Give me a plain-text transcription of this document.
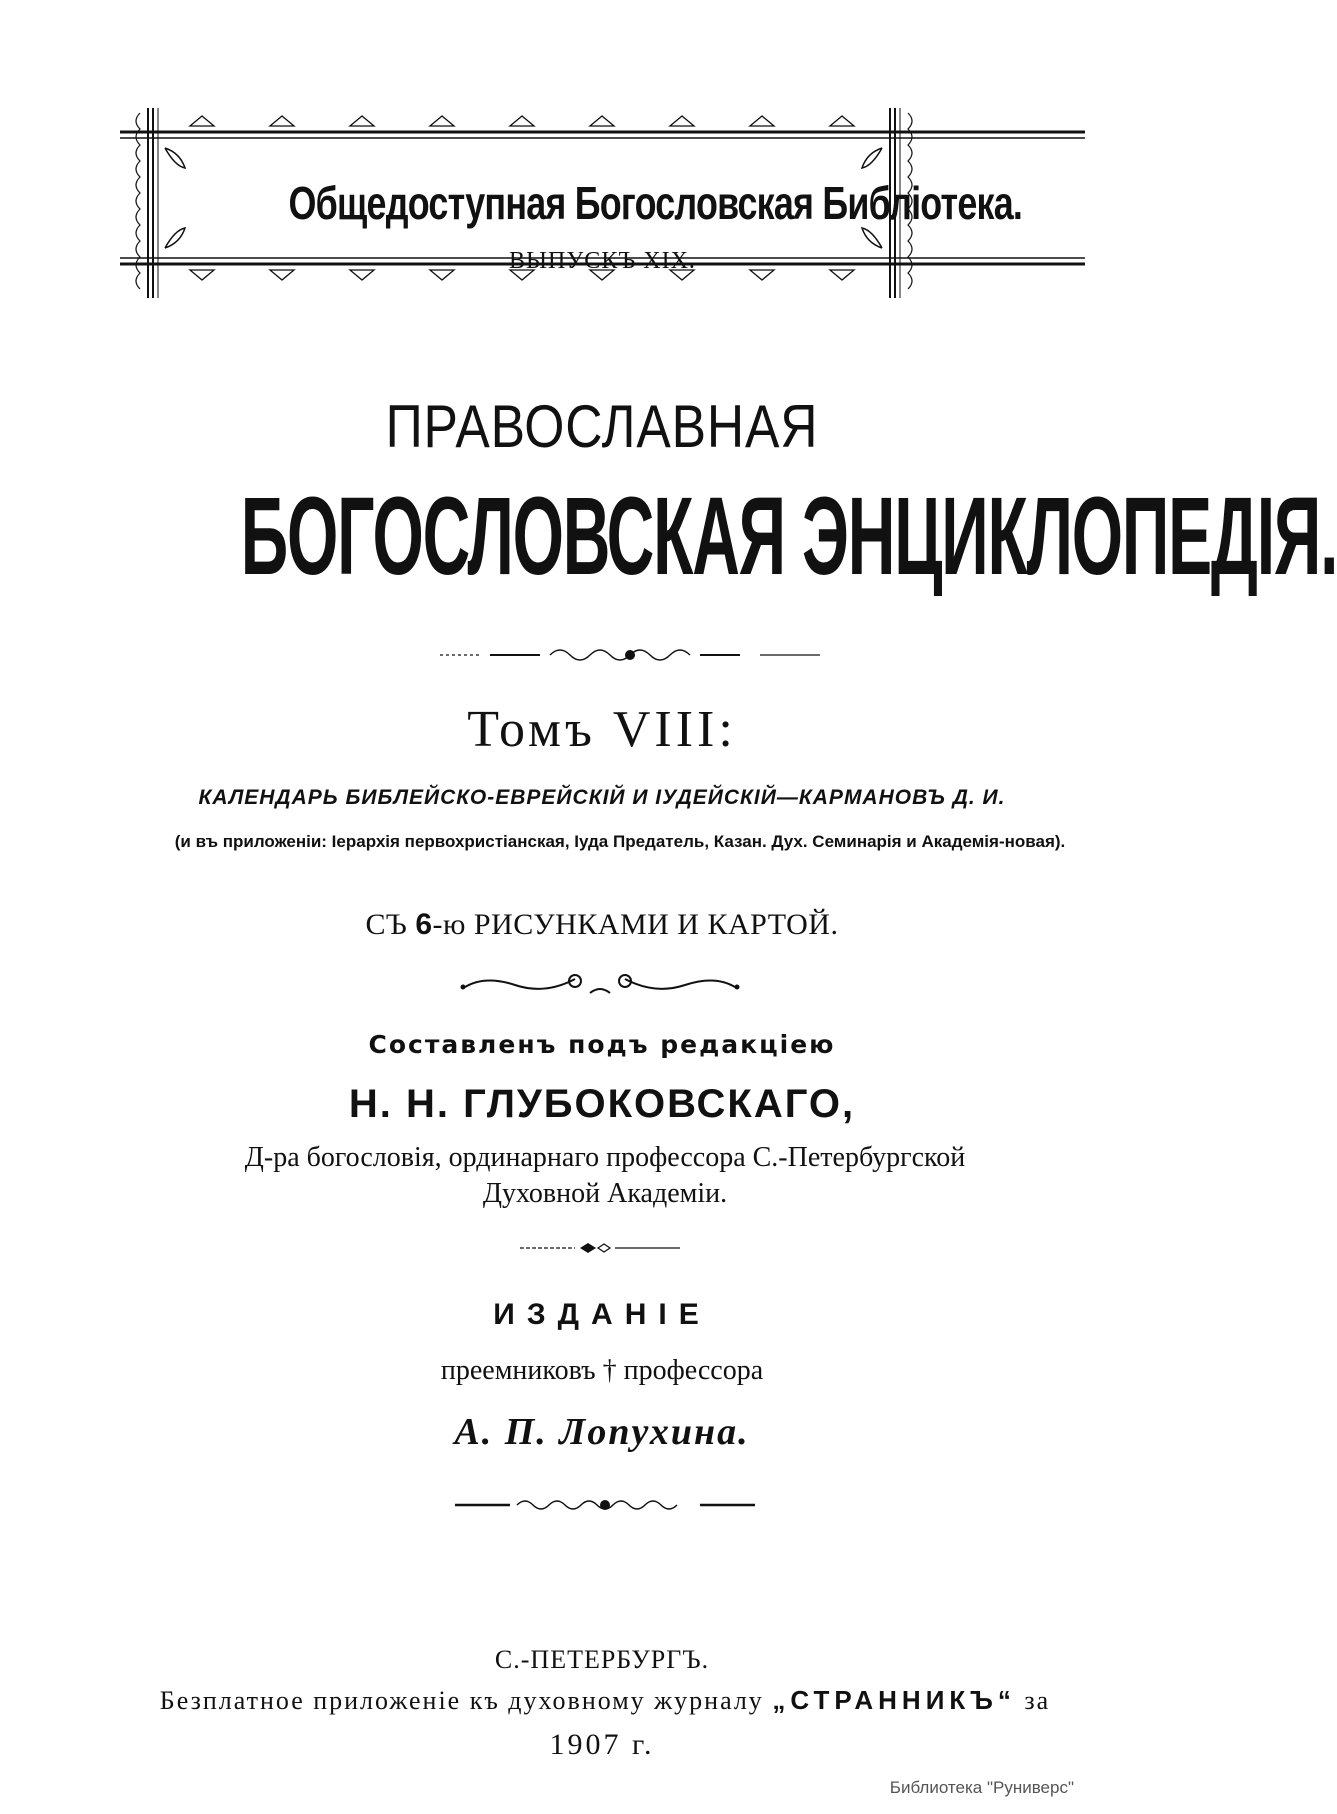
Общедоступная Богословская Библiотека.
ВЫПУСКЪ XIX.
ПРАВОСЛАВНАЯ
БОГОСЛОВСКАЯ ЭНЦИКЛОПЕДIЯ.
Томъ VIII:
КАЛЕНДАРЬ БИБЛЕЙСКО-ЕВРЕЙСКIЙ И IУДЕЙСКIЙ—КАРМАНОВЪ Д. И.
(и въ приложенiи: Iерархiя первохристiанская, Iуда Предатель, Казан. Дух. Семинарiя и Академiя-новая).
СЪ 6-ю РИСУНКАМИ И КАРТОЙ.
Составленъ подъ редакцiею
Н. Н. ГЛУБОКОВСКАГО,
Д-ра богословiя, ординарнаго профессора С.-Петербургской
Духовной Академiи.
ИЗДАНIЕ
преемниковъ † профессора
А. П. Лопухина.
С.-ПЕТЕРБУРГЪ.
Безплатное приложенiе къ духовному журналу „СТРАННИКЪ“ за
1907 г.
Библиотека "Руниверс"
